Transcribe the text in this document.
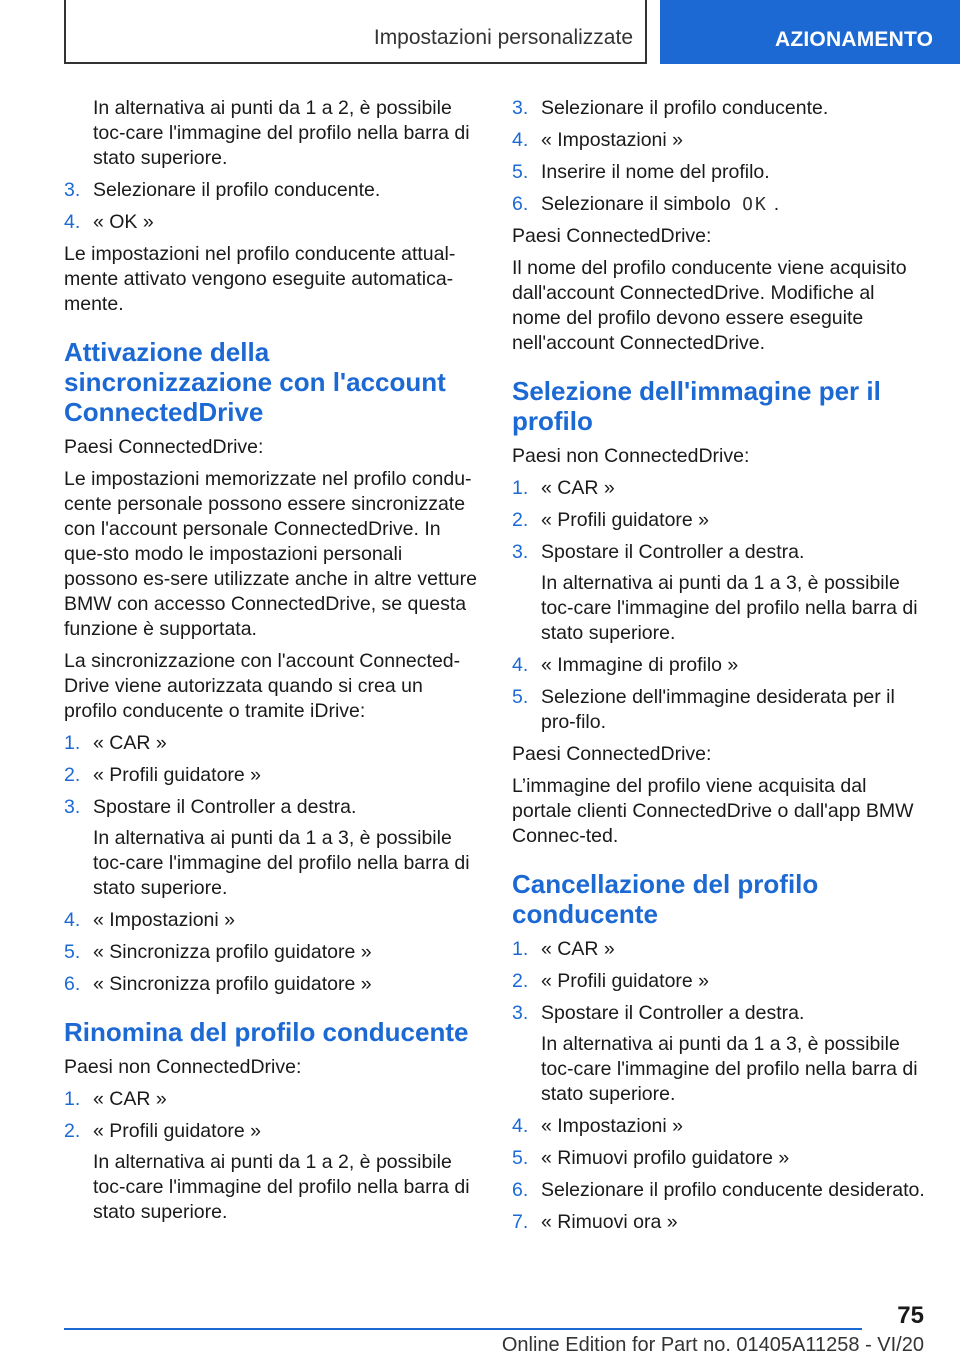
Impostazioni personalizzate	AZIONAMENTO

In alternativa ai punti da 1 a 2, è possibile toc-care l'immagine del profilo nella barra di stato superiore.

3. Selezionare il profilo conducente.
4. « OK »

Le impostazioni nel profilo conducente attual-mente attivato vengono eseguite automatica-mente.

Attivazione della sincronizzazione con l'account ConnectedDrive

Paesi ConnectedDrive:

Le impostazioni memorizzate nel profilo condu-cente personale possono essere sincronizzate con l'account personale ConnectedDrive. In que-sto modo le impostazioni personali possono es-sere utilizzate anche in altre vetture BMW con accesso ConnectedDrive, se questa funzione è supportata.

La sincronizzazione con l'account Connected-Drive viene autorizzata quando si crea un profilo conducente o tramite iDrive:

1. « CAR »
2. « Profili guidatore »
3. Spostare il Controller a destra.
In alternativa ai punti da 1 a 3, è possibile toc-care l'immagine del profilo nella barra di stato superiore.
4. « Impostazioni »
5. « Sincronizza profilo guidatore »
6. « Sincronizza profilo guidatore »
Rinomina del profilo conducente

Paesi non ConnectedDrive:

1. « CAR »
2. « Profili guidatore »
In alternativa ai punti da 1 a 2, è possibile toc-care l'immagine del profilo nella barra di stato superiore.
3. Selezionare il profilo conducente.
4. « Impostazioni »
5. Inserire il nome del profilo.
6. Selezionare il simbolo OK .

Paesi ConnectedDrive:

Il nome del profilo conducente viene acquisito dall'account ConnectedDrive. Modifiche al nome del profilo devono essere eseguite nell'account ConnectedDrive.

Selezione dell'immagine per il profilo

Paesi non ConnectedDrive:

1. « CAR »
2. « Profili guidatore »
3. Spostare il Controller a destra.
In alternativa ai punti da 1 a 3, è possibile toc-care l'immagine del profilo nella barra di stato superiore.
4. « Immagine di profilo »
5. Selezione dell'immagine desiderata per il pro-filo.

Paesi ConnectedDrive:

L’immagine del profilo viene acquisita dal portale clienti ConnectedDrive o dall'app BMW Connec-ted.

Cancellazione del profilo conducente
1. « CAR »
2. « Profili guidatore »
3. Spostare il Controller a destra.
In alternativa ai punti da 1 a 3, è possibile toc-care l'immagine del profilo nella barra di stato superiore.
4. « Impostazioni »
5. « Rimuovi profilo guidatore »
6. Selezionare il profilo conducente desiderato.
7. « Rimuovi ora »
75
Online Edition for Part no. 01405A11258 - VI/20
